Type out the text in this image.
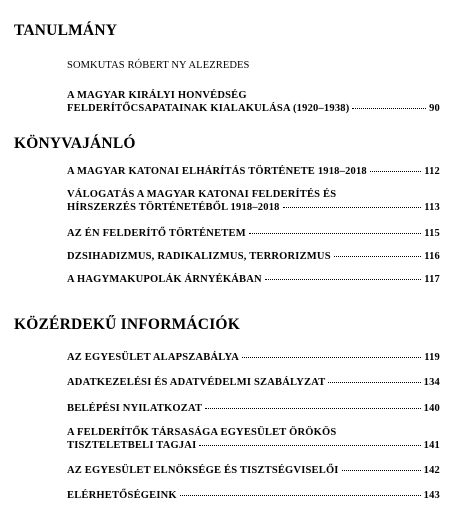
TANULMÁNY
SOMKUTAS RÓBERT NY ALEZREDES
A MAGYAR KIRÁLYI HONVÉDSÉG
FELDERÍTŐCSAPATAINAK KIALAKULÁSA (1920–1938)	90
KÖNYVAJÁNLÓ
A MAGYAR KATONAI ELHÁRÍTÁS TÖRTÉNETE 1918–2018	112
VÁLOGATÁS A MAGYAR KATONAI FELDERÍTÉS ÉS
HÍRSZERZÉS TÖRTÉNETÉBŐL 1918–2018	113
AZ ÉN FELDERÍTŐ TÖRTÉNETEM	115
DZSIHADIZMUS, RADIKALIZMUS, TERRORIZMUS	116
A HAGYMAKUPOLÁK ÁRNYÉKÁBAN	117
KÖZÉRDEKŰ INFORMÁCIÓK
AZ EGYESÜLET ALAPSZABÁLYA	119
ADATKEZELÉSI ÉS ADATVÉDELMI SZABÁLYZAT	134
BELÉPÉSI NYILATKOZAT	140
A FELDERÍTŐK TÁRSASÁGA EGYESÜLET ÖRÖKÖS
TISZTELETBELI TAGJAI	141
AZ EGYESÜLET ELNÖKSÉGE ÉS TISZTSÉGVISELŐI	142
ELÉRHETŐSÉGEINK	143
